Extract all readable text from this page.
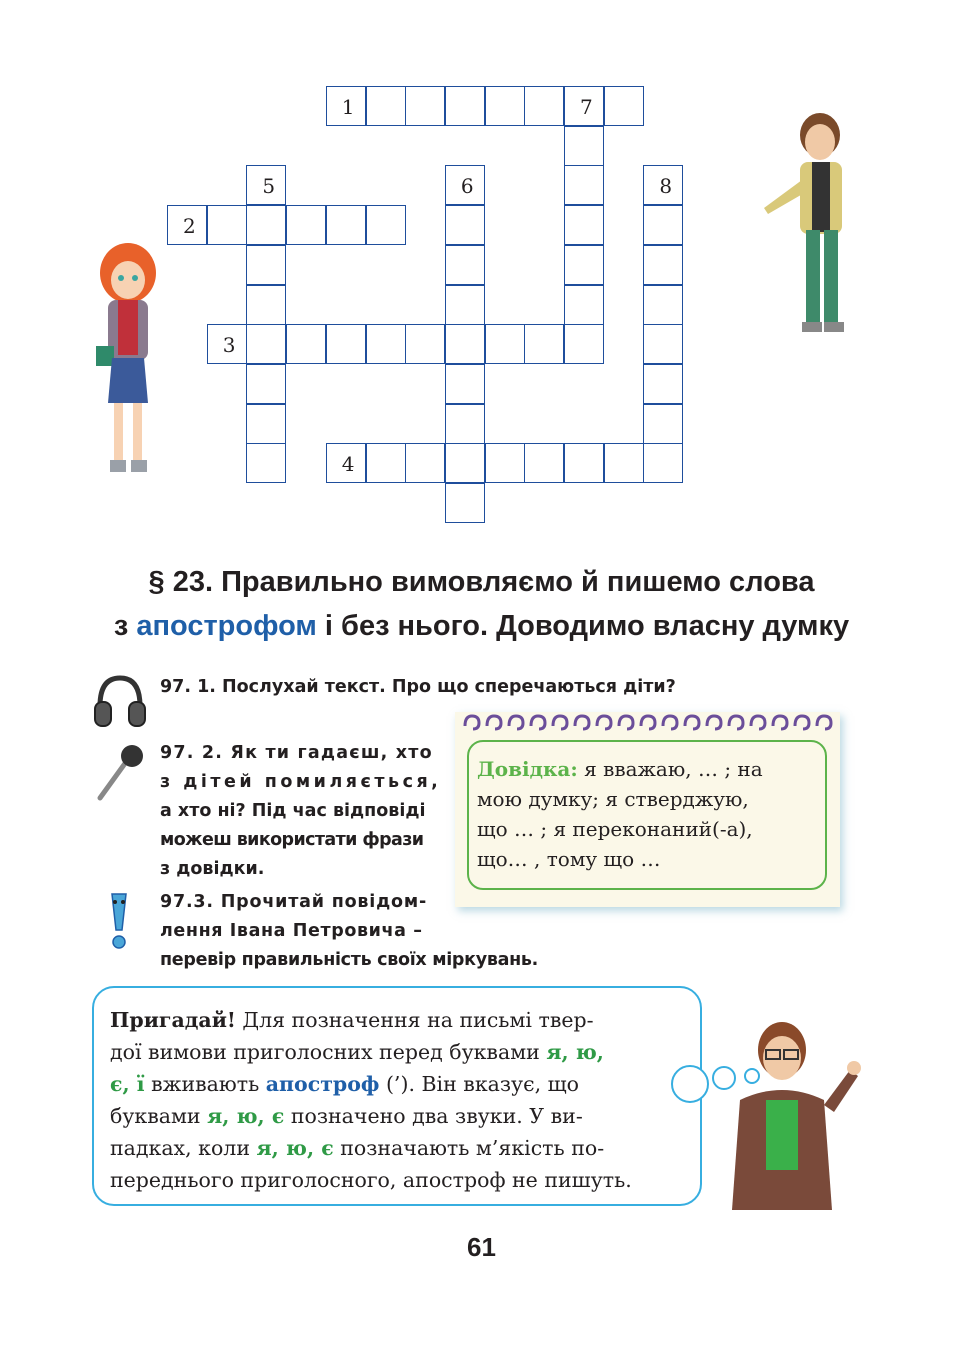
1	7
2
3
4
5	6	8
§ 23. Правильно вимовляємо й пишемо слова
з апострофом і без нього. Доводимо власну думку
97. 1. Послухай текст. Про що сперечаються діти?
97. 2. Як ти гадаєш, хто
з дітей помиляється,
а хто ні? Під час відповіді
можеш використати фрази
з довідки.
97.3. Прочитай повідом-
лення Івана Петровича –
перевір правильність своїх міркувань.
Довідка: я вважаю, … ; на
мою думку; я стверджую,
що … ; я переконаний(-а),
що… , тому що …
Пригадай! Для позначення на письмі твер-
дої вимови приголосних перед буквами я, ю,
є, ї вживають апостроф (’). Він вказує, що
буквами я, ю, є позначено два звуки. У ви-
падках, коли я, ю, є позначають м’якість по-
переднього приголосного, апостроф не пишуть.
61
